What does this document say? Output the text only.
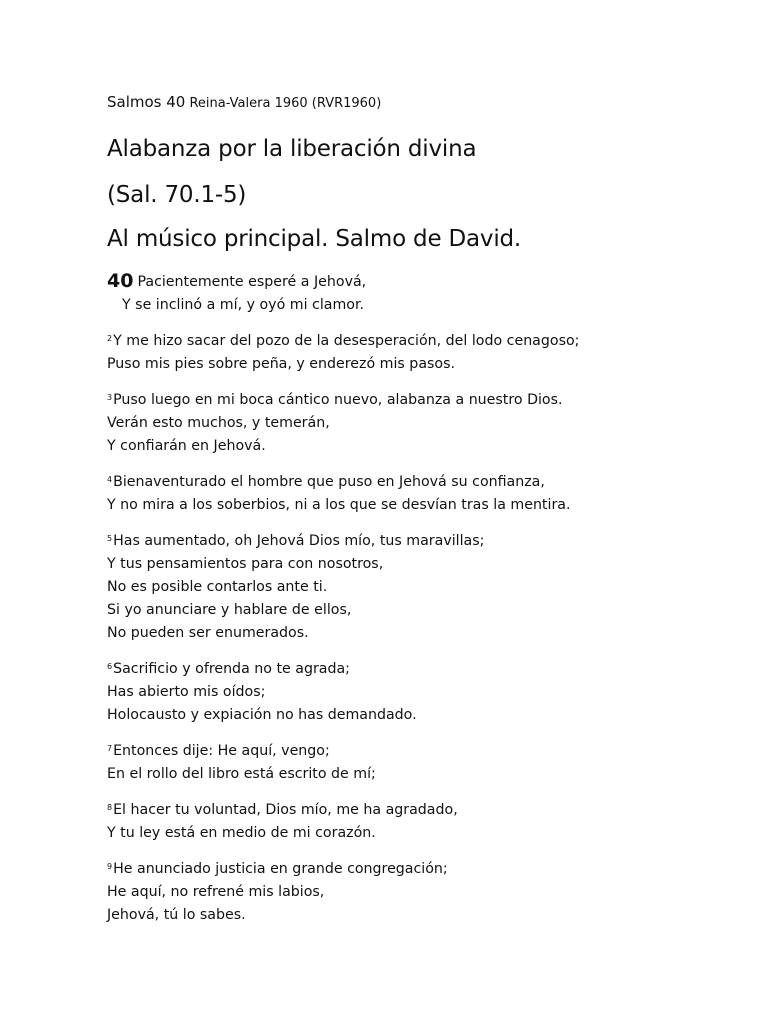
Salmos 40 Reina-Valera 1960 (RVR1960)
Alabanza por la liberación divina
(Sal. 70.1-5)
Al músico principal. Salmo de David.
40 Pacientemente esperé a Jehová,
Y se inclinó a mí, y oyó mi clamor.
$^2$Y me hizo sacar del pozo de la desesperación, del lodo cenagoso;
Puso mis pies sobre peña, y enderezó mis pasos.
$^3$Puso luego en mi boca cántico nuevo, alabanza a nuestro Dios.
Verán esto muchos, y temerán,
Y confiarán en Jehová.
$^4$Bienaventurado el hombre que puso en Jehová su confianza,
Y no mira a los soberbios, ni a los que se desvían tras la mentira.
$^5$Has aumentado, oh Jehová Dios mío, tus maravillas;
Y tus pensamientos para con nosotros,
No es posible contarlos ante ti.
Si yo anunciare y hablare de ellos,
No pueden ser enumerados.
$^6$Sacrificio y ofrenda no te agrada;
Has abierto mis oídos;
Holocausto y expiación no has demandado.
$^7$Entonces dije: He aquí, vengo;
En el rollo del libro está escrito de mí;
$^8$El hacer tu voluntad, Dios mío, me ha agradado,
Y tu ley está en medio de mi corazón.
$^9$He anunciado justicia en grande congregación;
He aquí, no refrené mis labios,
Jehová, tú lo sabes.
